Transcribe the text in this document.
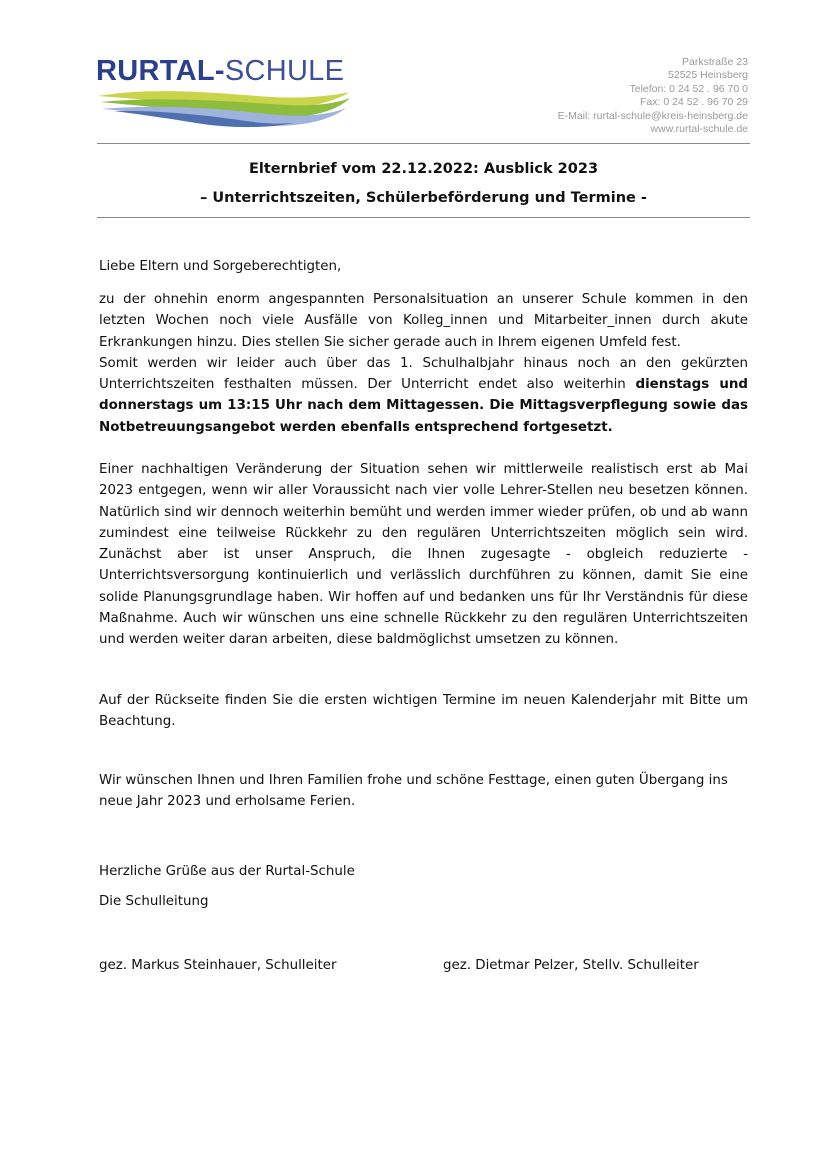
RURTAL-SCHULE	Parkstraße 23
52525 Heinsberg
Telefon: 0 24 52 . 96 70 0
Fax: 0 24 52 . 96 70 29
E-Mail: rurtal-schule@kreis-heinsberg.de
www.rurtal-schule.de
Elternbrief vom 22.12.2022: Ausblick 2023
– Unterrichtszeiten, Schülerbeförderung und Termine -
Liebe Eltern und Sorgeberechtigten,
zu der ohnehin enorm angespannten Personalsituation an unserer Schule kommen in den letzten Wochen noch viele Ausfälle von Kolleg_innen und Mitarbeiter_innen durch akute Erkrankungen hinzu. Dies stellen Sie sicher gerade auch in Ihrem eigenen Umfeld fest.
Somit werden wir leider auch über das 1. Schulhalbjahr hinaus noch an den gekürzten Unterrichtszeiten festhalten müssen. Der Unterricht endet also weiterhin dienstags und donnerstags um 13:15 Uhr nach dem Mittagessen. Die Mittagsverpflegung sowie das Notbetreuungsangebot werden ebenfalls entsprechend fortgesetzt.
Einer nachhaltigen Veränderung der Situation sehen wir mittlerweile realistisch erst ab Mai 2023 entgegen, wenn wir aller Voraussicht nach vier volle Lehrer-Stellen neu besetzen können. Natürlich sind wir dennoch weiterhin bemüht und werden immer wieder prüfen, ob und ab wann zumindest eine teilweise Rückkehr zu den regulären Unterrichtszeiten möglich sein wird. Zunächst aber ist unser Anspruch, die Ihnen zugesagte - obgleich reduzierte - Unterrichtsversorgung kontinuierlich und verlässlich durchführen zu können, damit Sie eine solide Planungsgrundlage haben. Wir hoffen auf und bedanken uns für Ihr Verständnis für diese Maßnahme. Auch wir wünschen uns eine schnelle Rückkehr zu den regulären Unterrichtszeiten und werden weiter daran arbeiten, diese baldmöglichst umsetzen zu können.
Auf der Rückseite finden Sie die ersten wichtigen Termine im neuen Kalenderjahr mit Bitte um Beachtung.
Wir wünschen Ihnen und Ihren Familien frohe und schöne Festtage, einen guten Übergang ins
neue Jahr 2023 und erholsame Ferien.
Herzliche Grüße aus der Rurtal-Schule
Die Schulleitung
gez. Markus Steinhauer, Schulleiter	gez. Dietmar Pelzer, Stellv. Schulleiter
